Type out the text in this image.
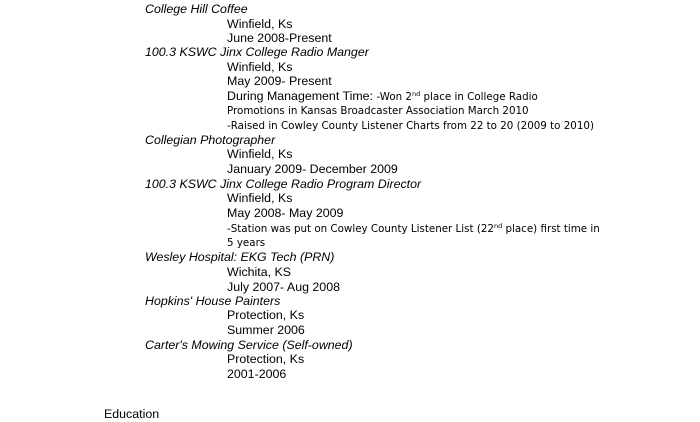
College Hill Coffee
Winfield, Ks
June 2008-Present
100.3 KSWC Jinx College Radio Manger
Winfield, Ks
May 2009- Present
During Management Time: -Won 2nd place in College Radio
Promotions in Kansas Broadcaster Association March 2010
-Raised in Cowley County Listener Charts from 22 to 20 (2009 to 2010)
Collegian Photographer
Winfield, Ks
January 2009- December 2009
100.3 KSWC Jinx College Radio Program Director
Winfield, Ks
May 2008- May 2009
-Station was put on Cowley County Listener List (22nd place) first time in
5 years
Wesley Hospital: EKG Tech (PRN)
Wichita, KS
July 2007- Aug 2008
Hopkins' House Painters
Protection, Ks
Summer 2006
Carter's Mowing Service (Self-owned)
Protection, Ks
2001-2006
Education
